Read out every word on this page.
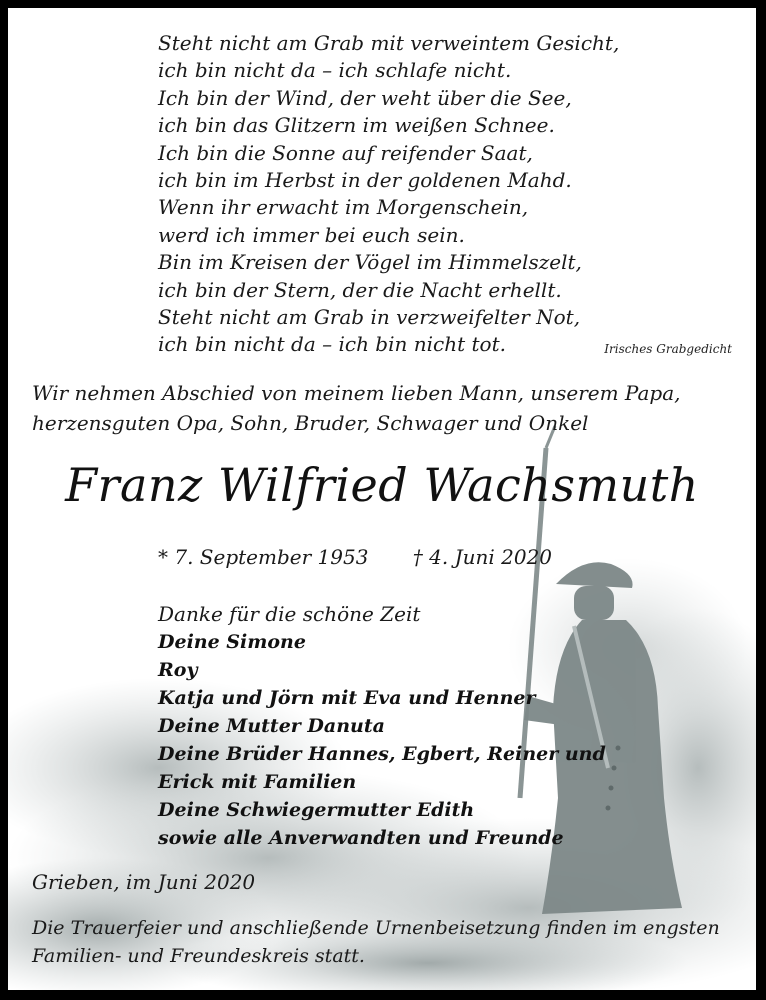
Steht nicht am Grab mit verweintem Gesicht,
ich bin nicht da – ich schlafe nicht.
Ich bin der Wind, der weht über die See,
ich bin das Glitzern im weißen Schnee.
Ich bin die Sonne auf reifender Saat,
ich bin im Herbst in der goldenen Mahd.
Wenn ihr erwacht im Morgenschein,
werd ich immer bei euch sein.
Bin im Kreisen der Vögel im Himmelszelt,
ich bin der Stern, der die Nacht erhellt.
Steht nicht am Grab in verzweifelter Not,
ich bin nicht da – ich bin nicht tot.	Irisches Grabgedicht
Wir nehmen Abschied von meinem lieben Mann, unserem Papa, herzensguten Opa, Sohn, Bruder, Schwager und Onkel
Franz Wilfried Wachsmuth
* 7. September 1953 † 4. Juni 2020
Danke für die schöne Zeit
Deine Simone
Roy
Katja und Jörn mit Eva und Henner
Deine Mutter Danuta
Deine Brüder Hannes, Egbert, Reiner und
Erick mit Familien
Deine Schwiegermutter Edith
sowie alle Anverwandten und Freunde
Grieben, im Juni 2020
Die Trauerfeier und anschließende Urnenbeisetzung finden im engsten Familien- und Freundeskreis statt.
